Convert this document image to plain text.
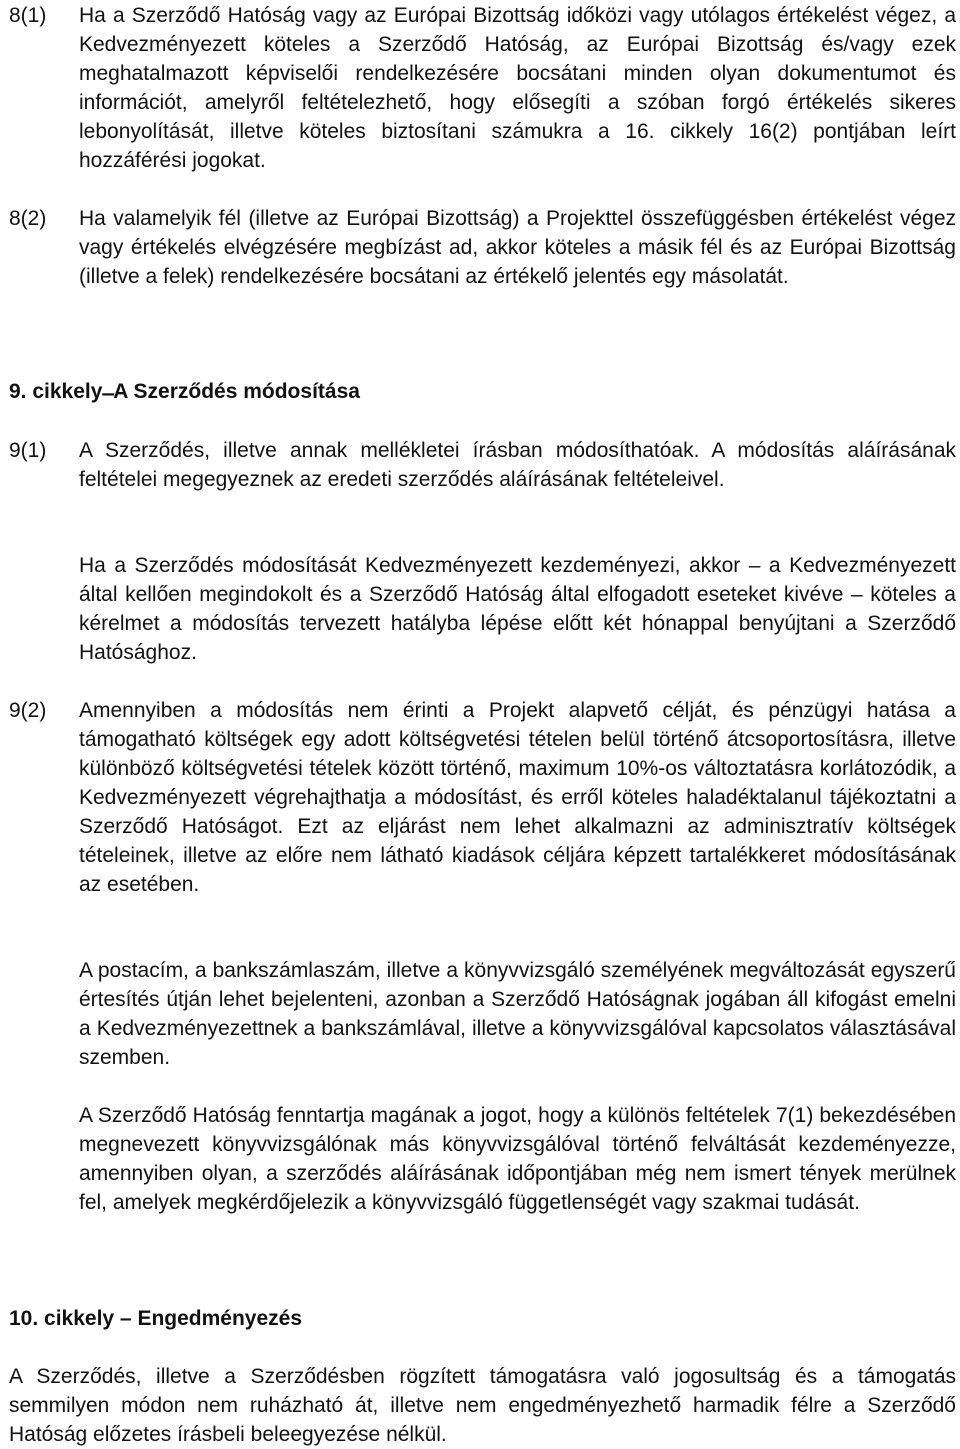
8(1)	Ha a Szerződő Hatóság vagy az Európai Bizottság időközi vagy utólagos értékelést végez, a Kedvezményezett köteles a Szerződő Hatóság, az Európai Bizottság és/vagy ezek meghatalmazott képviselői rendelkezésére bocsátani minden olyan dokumentumot és információt, amelyről feltételezhető, hogy elősegíti a szóban forgó értékelés sikeres lebonyolítását, illetve köteles biztosítani számukra a 16. cikkely 16(2) pontjában leírt hozzáférési jogokat.
8(2)	Ha valamelyik fél (illetve az Európai Bizottság) a Projekttel összefüggésben értékelést végez vagy értékelés elvégzésére megbízást ad, akkor köteles a másik fél és az Európai Bizottság (illetve a felek) rendelkezésére bocsátani az értékelő jelentés egy másolatát.
9. cikkely ̶ A Szerződés módosítása
9(1)	A Szerződés, illetve annak mellékletei írásban módosíthatóak. A módosítás aláírásának feltételei megegyeznek az eredeti szerződés aláírásának feltételeivel.
Ha a Szerződés módosítását Kedvezményezett kezdeményezi, akkor – a Kedvezményezett által kellően megindokolt és a Szerződő Hatóság által elfogadott eseteket kivéve – köteles a kérelmet a módosítás tervezett hatályba lépése előtt két hónappal benyújtani a Szerződő Hatósághoz.
9(2)	Amennyiben a módosítás nem érinti a Projekt alapvető célját, és pénzügyi hatása a támogatható költségek egy adott költségvetési tételen belül történő átcsoportosításra, illetve különböző költségvetési tételek között történő, maximum 10%-os változtatásra korlátozódik, a Kedvezményezett végrehajthatja a módosítást, és erről köteles haladéktalanul tájékoztatni a Szerződő Hatóságot. Ezt az eljárást nem lehet alkalmazni az adminisztratív költségek tételeinek, illetve az előre nem látható kiadások céljára képzett tartalékkeret módosításának az esetében.
A postacím, a bankszámlaszám, illetve a könyvvizsgáló személyének megváltozását egyszerű értesítés útján lehet bejelenteni, azonban a Szerződő Hatóságnak jogában áll kifogást emelni a Kedvezményezettnek a bankszámlával, illetve a könyvvizsgálóval kapcsolatos választásával szemben.
A Szerződő Hatóság fenntartja magának a jogot, hogy a különös feltételek 7(1) bekezdésében megnevezett könyvvizsgálónak más könyvvizsgálóval történő felváltását kezdeményezze, amennyiben olyan, a szerződés aláírásának időpontjában még nem ismert tények merülnek fel, amelyek megkérdőjelezik a könyvvizsgáló függetlenségét vagy szakmai tudását.
10. cikkely – Engedményezés
A Szerződés, illetve a Szerződésben rögzített támogatásra való jogosultság és a támogatás semmilyen módon nem ruházható át, illetve nem engedményezhető harmadik félre a Szerződő Hatóság előzetes írásbeli beleegyezése nélkül.
